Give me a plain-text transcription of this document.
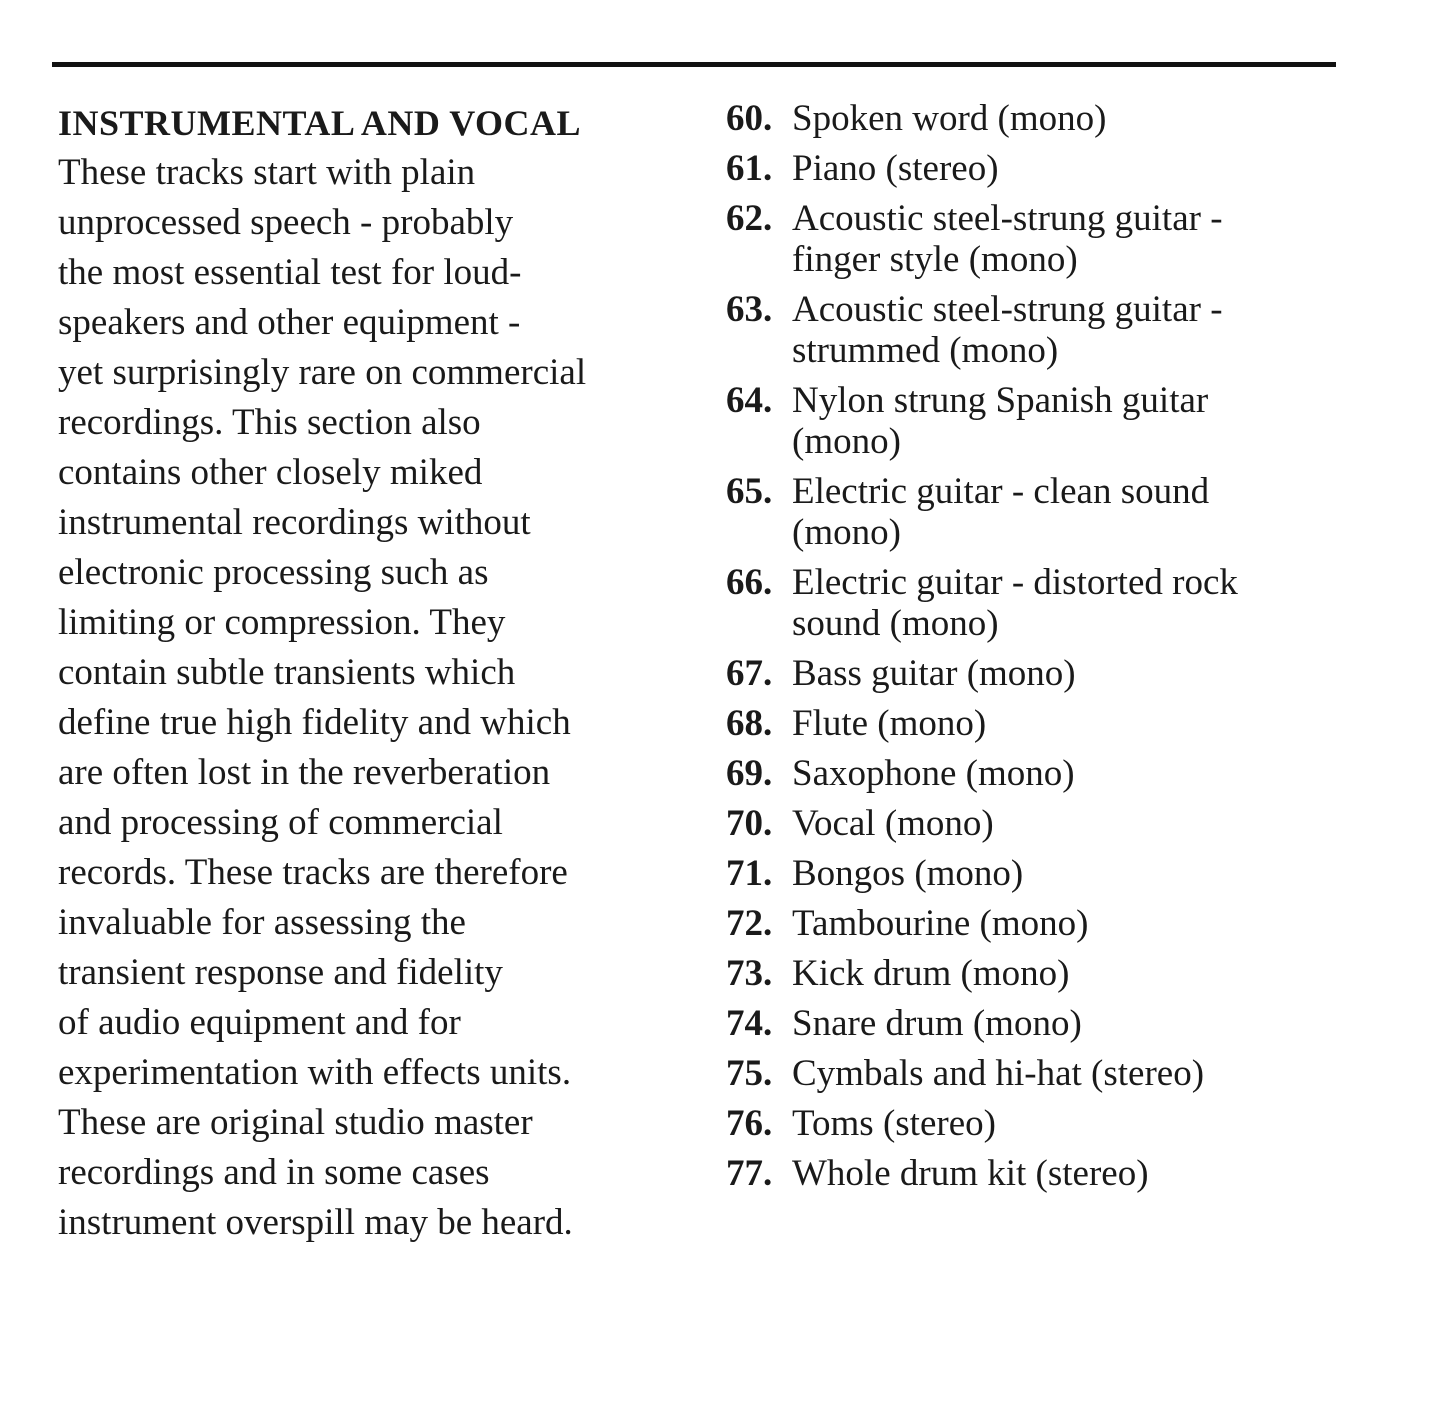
INSTRUMENTAL AND VOCAL
These tracks start with plain
unprocessed speech - probably
the most essential test for loud-
speakers and other equipment -
yet surprisingly rare on commercial
recordings. This section also
contains other closely miked
instrumental recordings without
electronic processing such as
limiting or compression. They
contain subtle transients which
define true high fidelity and which
are often lost in the reverberation
and processing of commercial
records. These tracks are therefore
invaluable for assessing the
transient response and fidelity
of audio equipment and for
experimentation with effects units.
These are original studio master
recordings and in some cases
instrument overspill may be heard.
60. Spoken word (mono)
61. Piano (stereo)
62. Acoustic steel-strung guitar -
finger style (mono)
63. Acoustic steel-strung guitar -
strummed (mono)
64. Nylon strung Spanish guitar
(mono)
65. Electric guitar - clean sound
(mono)
66. Electric guitar - distorted rock
sound (mono)
67. Bass guitar (mono)
68. Flute (mono)
69. Saxophone (mono)
70. Vocal (mono)
71. Bongos (mono)
72. Tambourine (mono)
73. Kick drum (mono)
74. Snare drum (mono)
75. Cymbals and hi-hat (stereo)
76. Toms (stereo)
77. Whole drum kit (stereo)
